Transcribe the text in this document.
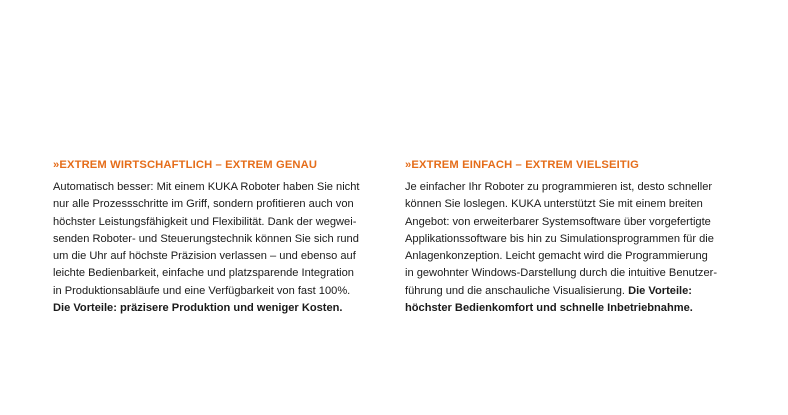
»EXTREM WIRTSCHAFTLICH – EXTREM GENAU
Automatisch besser: Mit einem KUKA Roboter haben Sie nicht
nur alle Prozessschritte im Griff, sondern profitieren auch von
höchster Leistungsfähigkeit und Flexibilität. Dank der wegwei-
senden Roboter- und Steuerungstechnik können Sie sich rund
um die Uhr auf höchste Präzision verlassen – und ebenso auf
leichte Bedienbarkeit, einfache und platzsparende Integration
in Produktionsabläufe und eine Verfügbarkeit von fast 100%.
Die Vorteile: präzisere Produktion und weniger Kosten.
»EXTREM EINFACH – EXTREM VIELSEITIG
Je einfacher Ihr Roboter zu programmieren ist, desto schneller
können Sie loslegen. KUKA unterstützt Sie mit einem breiten
Angebot: von erweiterbarer Systemsoftware über vorgefertigte
Applikationssoftware bis hin zu Simulationsprogrammen für die
Anlagenkonzeption. Leicht gemacht wird die Programmierung
in gewohnter Windows-Darstellung durch die intuitive Benutzer-
führung und die anschauliche Visualisierung. Die Vorteile:
höchster Bedienkomfort und schnelle Inbetriebnahme.
